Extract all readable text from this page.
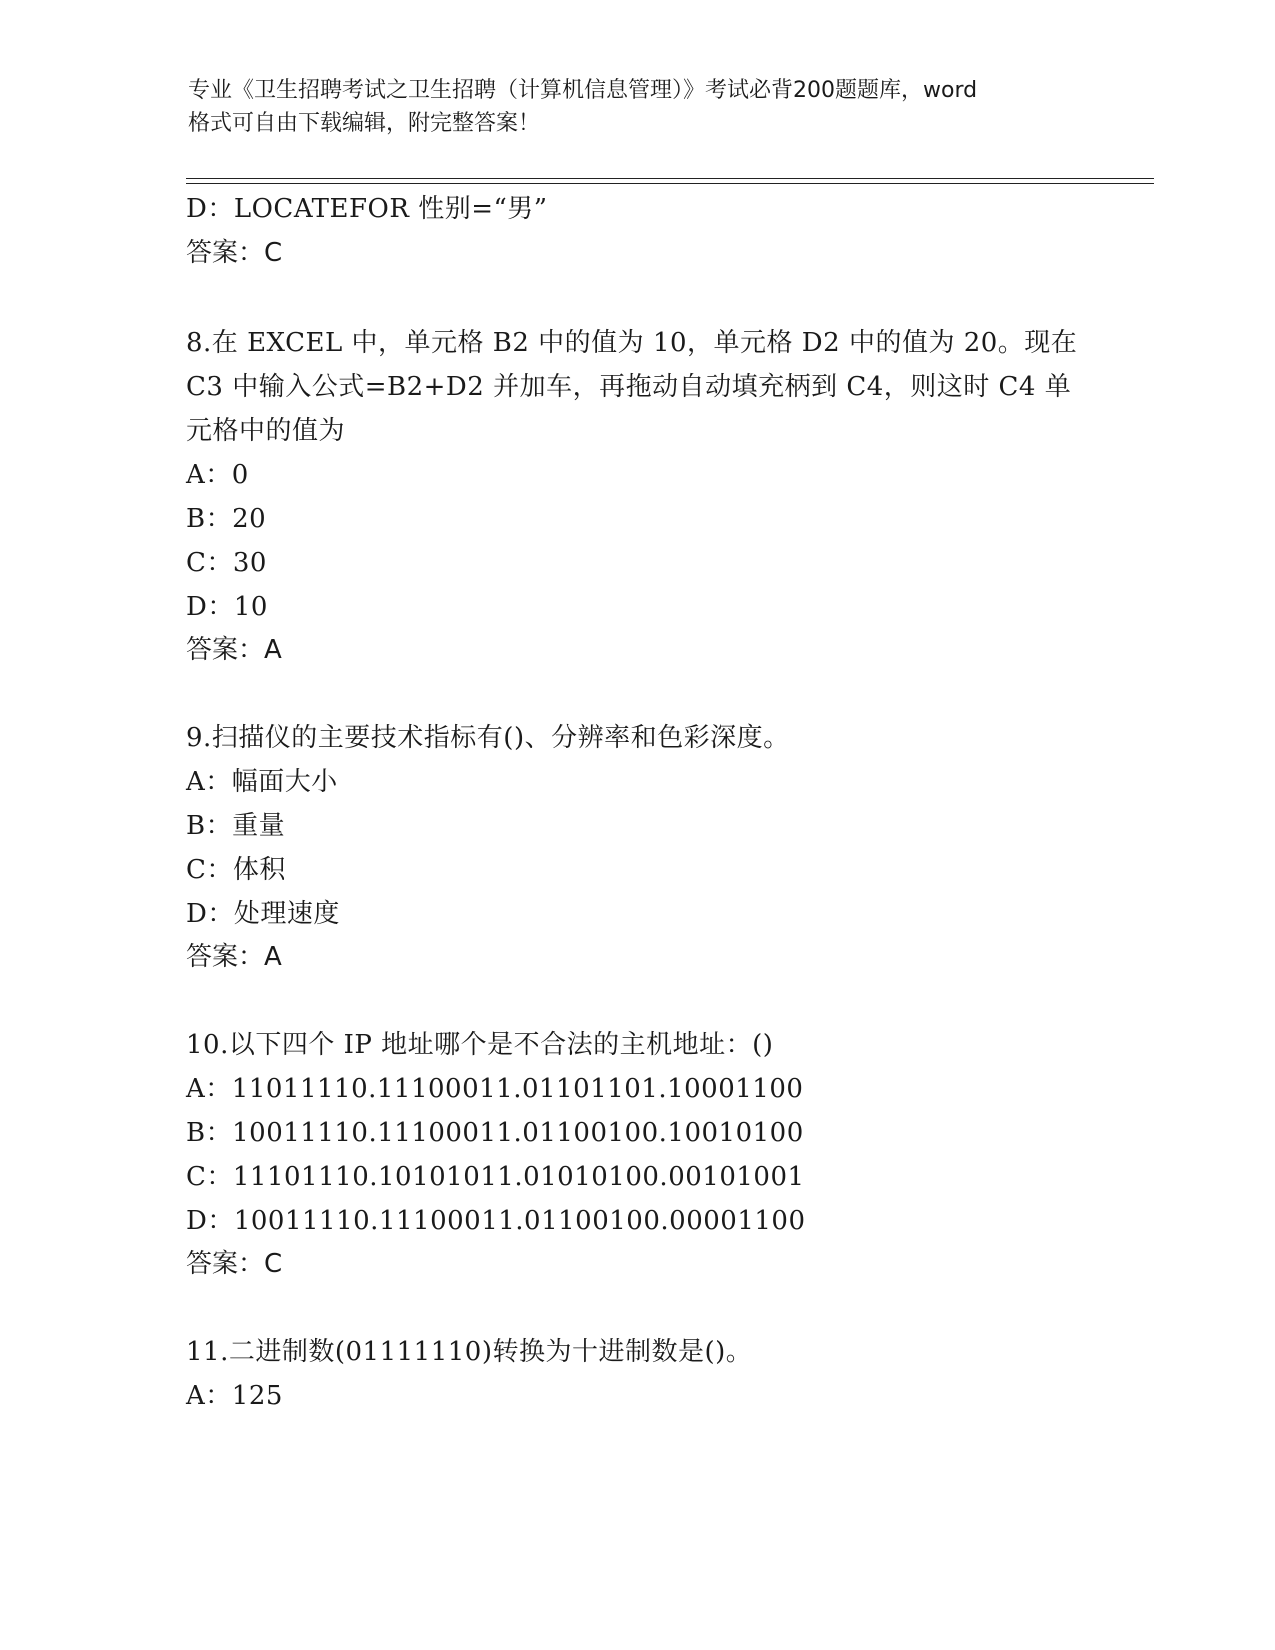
专业《卫生招聘考试之卫生招聘（计算机信息管理）》考试必背200题题库，word
格式可自由下载编辑，附完整答案！
D：LOCATEFOR 性别=“男”
答案：C
8.在 EXCEL 中，单元格 B2 中的值为 10，单元格 D2 中的值为 20。现在
C3 中输入公式=B2+D2 并加车，再拖动自动填充柄到 C4，则这时 C4 单
元格中的值为
A：0
B：20
C：30
D：10
答案：A
9.扫描仪的主要技术指标有()、分辨率和色彩深度。
A：幅面大小
B：重量
C：体积
D：处理速度
答案：A
10.以下四个 IP 地址哪个是不合法的主机地址：()
A：11011110.11100011.01101101.10001100
B：10011110.11100011.01100100.10010100
C：11101110.10101011.01010100.00101001
D：10011110.11100011.01100100.00001100
答案：C
11.二进制数(01111110)转换为十进制数是()。
A：125
